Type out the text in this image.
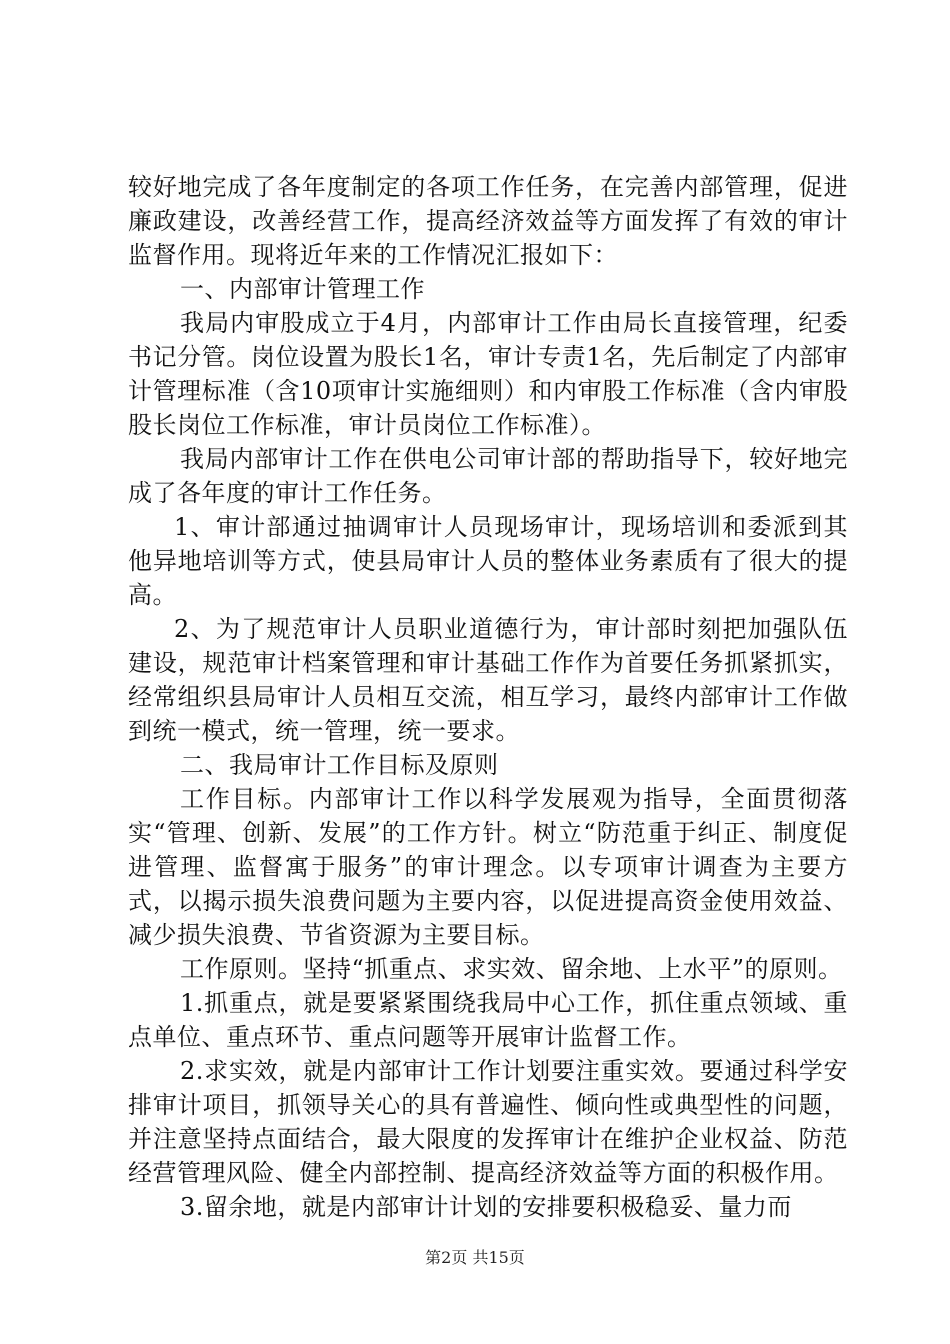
较好地完成了各年度制定的各项工作任务，在完善内部管理，促进廉政建设，改善经营工作，提高经济效益等方面发挥了有效的审计监督作用。现将近年来的工作情况汇报如下：

一、内部审计管理工作

我局内审股成立于4月，内部审计工作由局长直接管理，纪委书记分管。岗位设置为股长1名，审计专责1名，先后制定了内部审计管理标准（含10项审计实施细则）和内审股工作标准（含内审股股长岗位工作标准，审计员岗位工作标准）。

我局内部审计工作在供电公司审计部的帮助指导下，较好地完成了各年度的审计工作任务。

1、审计部通过抽调审计人员现场审计，现场培训和委派到其他异地培训等方式，使县局审计人员的整体业务素质有了很大的提高。

2、为了规范审计人员职业道德行为，审计部时刻把加强队伍建设，规范审计档案管理和审计基础工作作为首要任务抓紧抓实，经常组织县局审计人员相互交流，相互学习，最终内部审计工作做到统一模式，统一管理，统一要求。

二、我局审计工作目标及原则

工作目标。内部审计工作以科学发展观为指导，全面贯彻落实“管理、创新、发展”的工作方针。树立“防范重于纠正、制度促进管理、监督寓于服务”的审计理念。以专项审计调查为主要方式，以揭示损失浪费问题为主要内容，以促进提高资金使用效益、减少损失浪费、节省资源为主要目标。

工作原则。坚持“抓重点、求实效、留余地、上水平”的原则。

1.抓重点，就是要紧紧围绕我局中心工作，抓住重点领域、重点单位、重点环节、重点问题等开展审计监督工作。

2.求实效，就是内部审计工作计划要注重实效。要通过科学安排审计项目，抓领导关心的具有普遍性、倾向性或典型性的问题，并注意坚持点面结合，最大限度的发挥审计在维护企业权益、防范经营管理风险、健全内部控制、提高经济效益等方面的积极作用。

3.留余地，就是内部审计计划的安排要积极稳妥、量力而

第2页 共15页
